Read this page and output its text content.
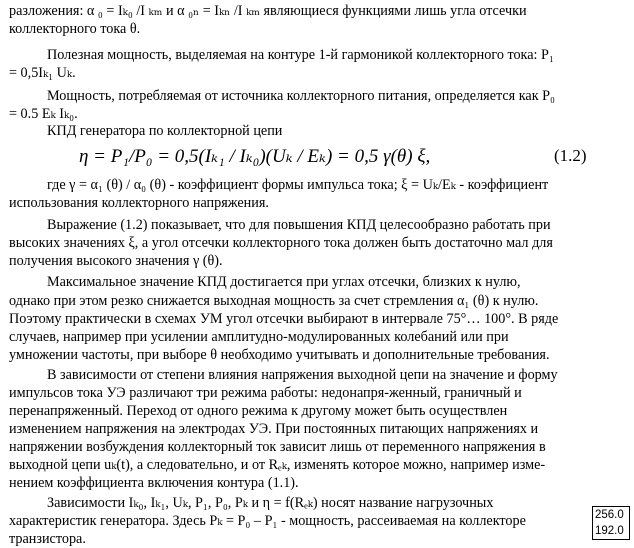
разложения: α ₀ = Iₖ₀ /I ₖₘ и α ₀ₙ = Iₖₙ /I ₖₘ являющиеся функциями лишь угла отсечки
коллекторного тока θ.
Полезная мощность, выделяемая на контуре 1-й гармоникой коллекторного тока: P₁
= 0,5Iₖ₁ Uₖ.
Мощность, потребляемая от источника коллекторного питания, определяется как P₀
= 0.5 Eₖ Iₖ₀.
КПД генератора по коллекторной цепи
η = P₁/P₀ = 0,5(Iₖ₁ / Iₖ₀)(Uₖ / Eₖ) = 0,5 γ(θ) ξ,	(1.2)
где γ = α₁ (θ) / α₀ (θ) - коэффициент формы импульса тока; ξ = Uₖ/Eₖ - коэффициент
использования коллекторного напряжения.
Выражение (1.2) показывает, что для повышения КПД целесообразно работать при
высоких значениях ξ, а угол отсечки коллекторного тока должен быть достаточно мал для
получения высокого значения γ (θ).
Максимальное значение КПД достигается при углах отсечки, близких к нулю,
однако при этом резко снижается выходная мощность за счет стремления α₁ (θ) к нулю.
Поэтому практически в схемах УМ угол отсечки выбирают в интервале 75°… 100°. В ряде
случаев, например при усилении амплитудно-модулированных колебаний или при
умножении частоты, при выборе θ необходимо учитывать и дополнительные требования.
В зависимости от степени влияния напряжения выходной цепи на значение и форму
импульсов тока УЭ различают три режима работы: недонапря-женный, граничный и
перенапряженный. Переход от одного режима к другому может быть осуществлен
изменением напряжения на электродах УЭ. При постоянных питающих напряжениях и
напряжении возбуждения коллекторный ток зависит лишь от переменного напряжения в
выходной цепи uₖ(t), а следовательно, и от Rₑₖ, изменять которое можно, например изме-
нением коэффициента включения контура (1.1).
Зависимости Iₖ₀, Iₖ₁, Uₖ, P₁, P₀, Pₖ и η = f(Rₑₖ) носят название нагрузочных
характеристик генератора. Здесь Pₖ = P₀ – P₁ - мощность, рассеиваемая на коллекторе
транзистора.
256.0
192.0
